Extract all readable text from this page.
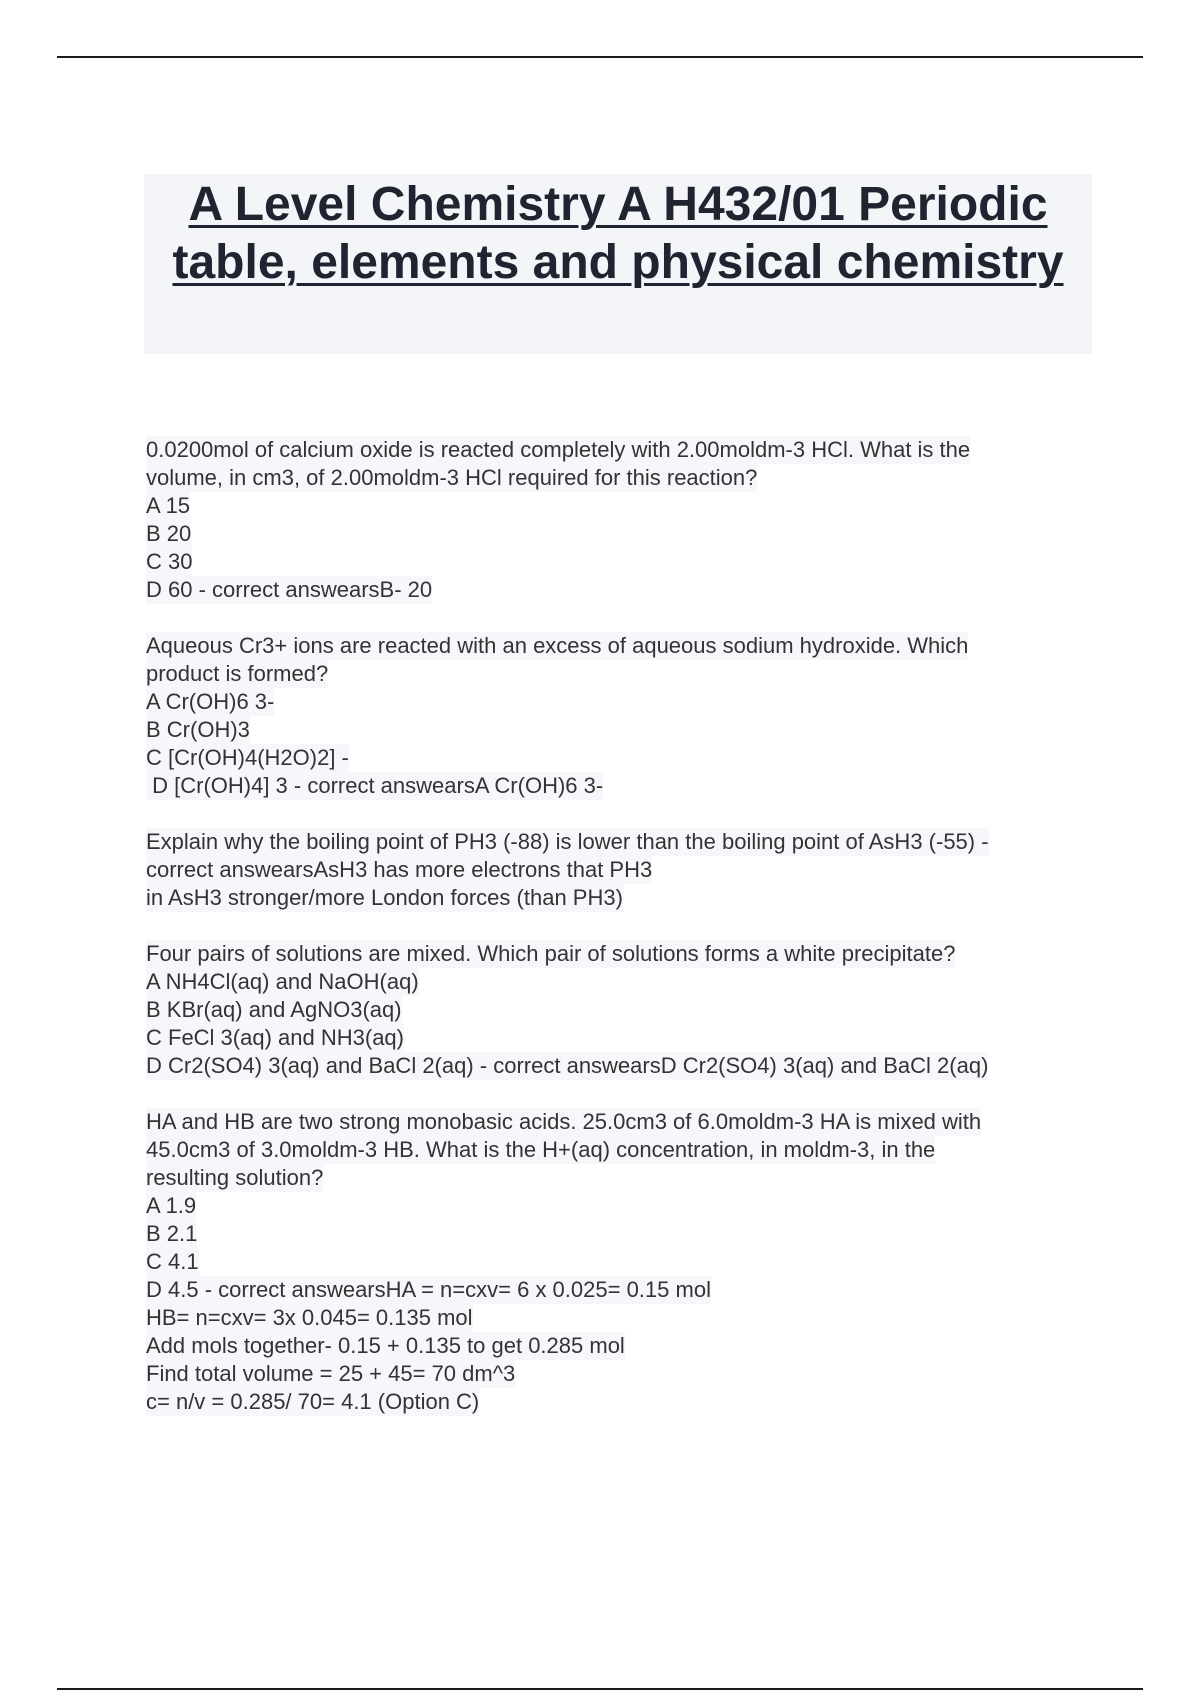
A Level Chemistry A H432/01 Periodic table, elements and physical chemistry
0.0200mol of calcium oxide is reacted completely with 2.00moldm-3 HCl. What is the
volume, in cm3, of 2.00moldm-3 HCl required for this reaction?
A 15
B 20
C 30
D 60 - correct answearsB- 20
Aqueous Cr3+ ions are reacted with an excess of aqueous sodium hydroxide. Which
product is formed?
A Cr(OH)6 3-
B Cr(OH)3
C [Cr(OH)4(H2O)2] -
D [Cr(OH)4] 3 - correct answearsA Cr(OH)6 3-
Explain why the boiling point of PH3 (-88) is lower than the boiling point of AsH3 (-55) -
correct answearsAsH3 has more electrons that PH3
in AsH3 stronger/more London forces (than PH3)
Four pairs of solutions are mixed. Which pair of solutions forms a white precipitate?
A NH4Cl(aq) and NaOH(aq)
B KBr(aq) and AgNO3(aq)
C FeCl 3(aq) and NH3(aq)
D Cr2(SO4) 3(aq) and BaCl 2(aq) - correct answearsD Cr2(SO4) 3(aq) and BaCl 2(aq)
HA and HB are two strong monobasic acids. 25.0cm3 of 6.0moldm-3 HA is mixed with
45.0cm3 of 3.0moldm-3 HB. What is the H+(aq) concentration, in moldm-3, in the
resulting solution?
A 1.9
B 2.1
C 4.1
D 4.5 - correct answearsHA = n=cxv= 6 x 0.025= 0.15 mol
HB= n=cxv= 3x 0.045= 0.135 mol
Add mols together- 0.15 + 0.135 to get 0.285 mol
Find total volume = 25 + 45= 70 dm^3
c= n/v = 0.285/ 70= 4.1 (Option C)
